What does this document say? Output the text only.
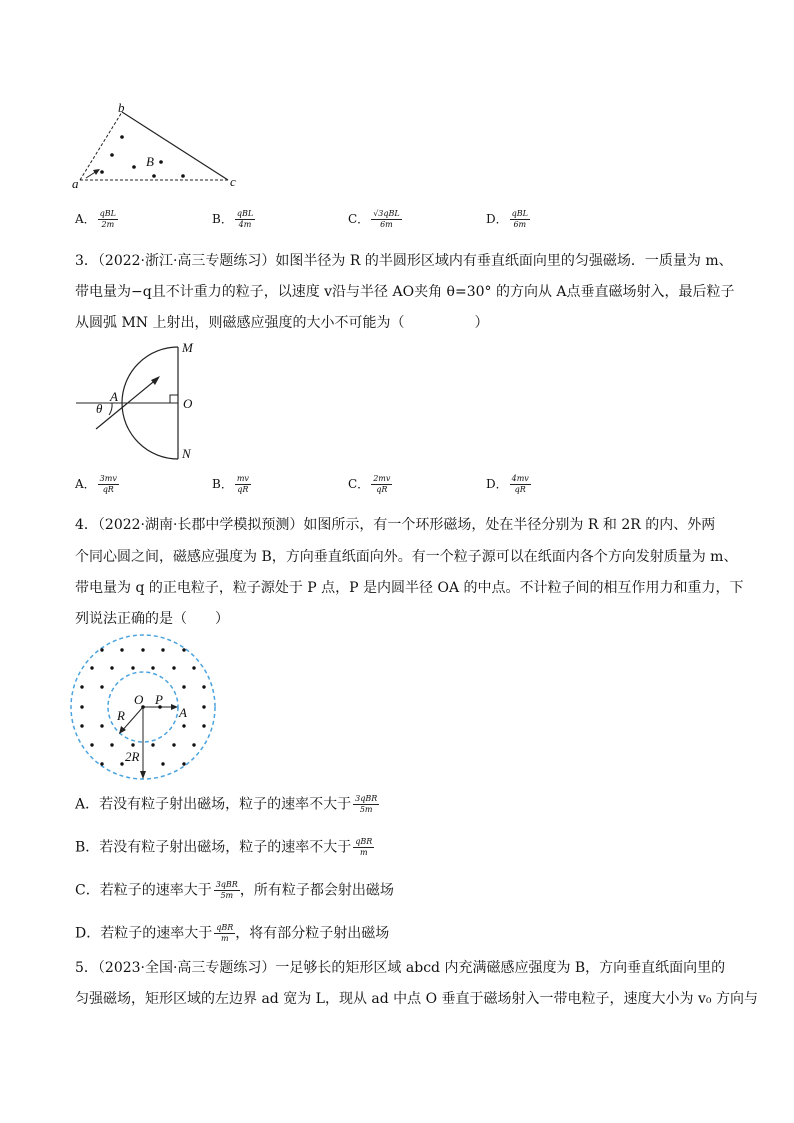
b
B
a	c
A． $\frac{\text{qBL}}{2m}$	B． $\frac{\text{qBL}}{4m}$	C． $\frac{\text{√3qBL}}{6m}$	D． $\frac{\text{qBL}}{6m}$
3．（2022·浙江·高三专题练习）如图半径为 R 的半圆形区域内有垂直纸面向里的匀强磁场．一质量为 m、
带电量为−q且不计重力的粒子，以速度 v沿与半径 AO夹角 θ=30° 的方向从 A点垂直磁场射入，最后粒子
从圆弧 MN 上射出，则磁感应强度的大小不可能为（　　　　　）
M
A
θ	O
N
A． $\frac{3mv}{qR}$	B． $\frac{mv}{qR}$	C． $\frac{2mv}{qR}$	D． $\frac{4mv}{qR}$
4．（2022·湖南·长郡中学模拟预测）如图所示，有一个环形磁场，处在半径分别为 R 和 2R 的内、外两
个同心圆之间，磁感应强度为 B，方向垂直纸面向外。有一个粒子源可以在纸面内各个方向发射质量为 m、
带电量为 q 的正电粒子，粒子源处于 P 点，P 是内圆半径 OA 的中点。不计粒子间的相互作用力和重力，下
列说法正确的是（　　）
O P
A
R
2R
A．若没有粒子射出磁场，粒子的速率不大于 $\frac{\text{3qBR}}{5m}$
B．若没有粒子射出磁场，粒子的速率不大于 $\frac{\text{qBR}}{m}$
C．若粒子的速率大于 $\frac{\text{3qBR}}{5m}$ ，所有粒子都会射出磁场
D．若粒子的速率大于 $\frac{\text{qBR}}{m}$ ，将有部分粒子射出磁场
5．（2023·全国·高三专题练习）一足够长的矩形区域 abcd 内充满磁感应强度为 B，方向垂直纸面向里的
匀强磁场，矩形区域的左边界 ad 宽为 L，现从 ad 中点 O 垂直于磁场射入一带电粒子，速度大小为 v₀ 方向与
